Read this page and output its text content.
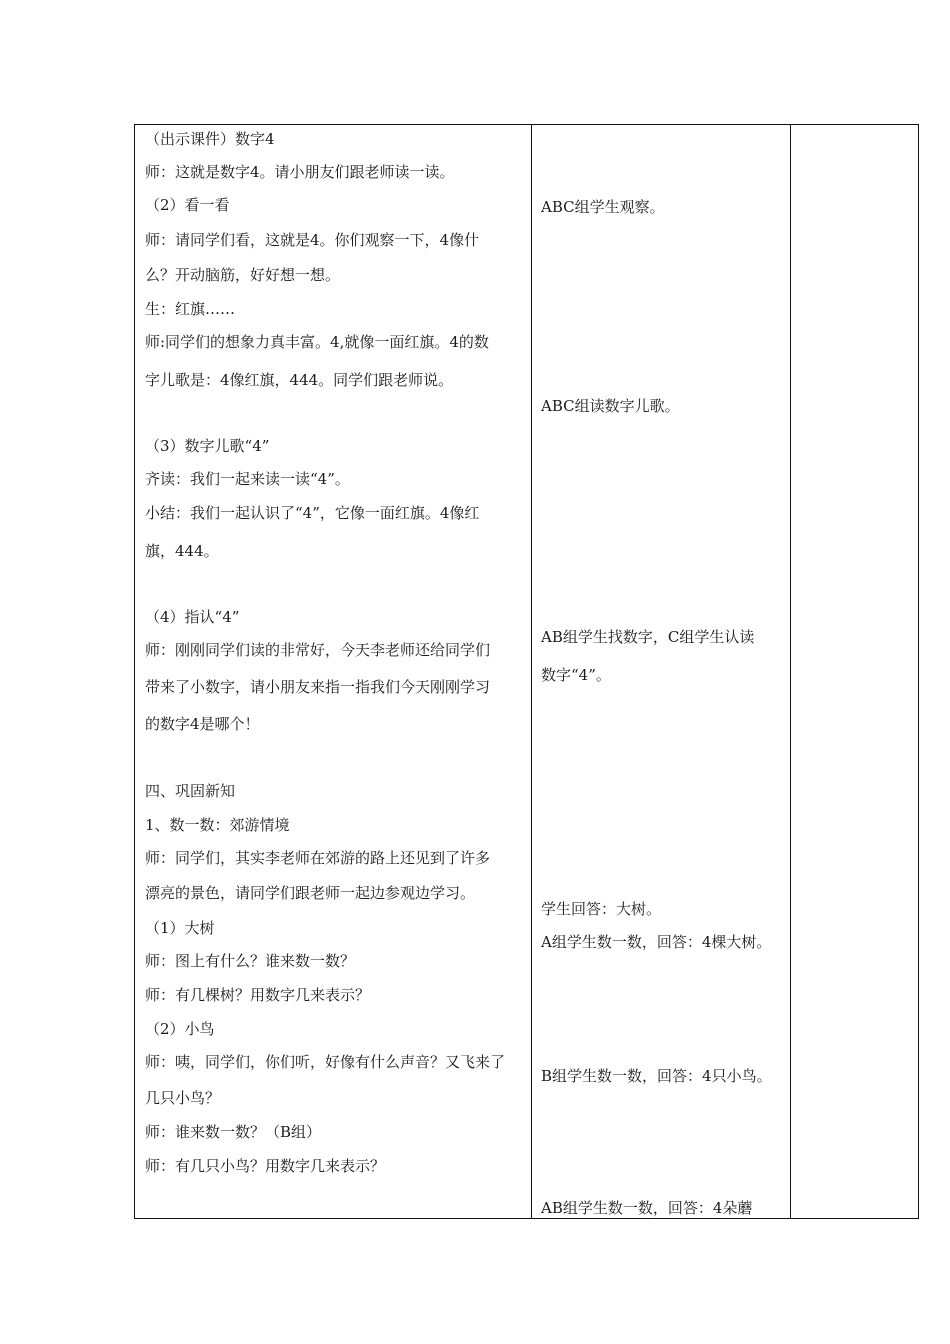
（出示课件）数字4
师：这就是数字4。请小朋友们跟老师读一读。
（2）看一看
师：请同学们看，这就是4。你们观察一下，4像什
么？开动脑筋，好好想一想。
生：红旗……
师:同学们的想象力真丰富。4,就像一面红旗。4的数
字儿歌是：4像红旗，444。同学们跟老师说。
（3）数字儿歌“4”
齐读：我们一起来读一读“4”。
小结：我们一起认识了“4”，它像一面红旗。4像红
旗，444。
（4）指认“4”
师：刚刚同学们读的非常好，今天李老师还给同学们
带来了小数字，请小朋友来指一指我们今天刚刚学习
的数字4是哪个！
四、巩固新知
1、数一数：郊游情境
师：同学们，其实李老师在郊游的路上还见到了许多
漂亮的景色，请同学们跟老师一起边参观边学习。
（1）大树
师：图上有什么？谁来数一数？
师：有几棵树？用数字几来表示？
（2）小鸟
师：咦，同学们，你们听，好像有什么声音？又飞来了
几只小鸟？
师：谁来数一数？（B组）
师：有几只小鸟？用数字几来表示？
ABC组学生观察。
ABC组读数字儿歌。
AB组学生找数字，C组学生认读
数字“4”。
学生回答：大树。
A组学生数一数，回答：4棵大树。
B组学生数一数，回答：4只小鸟。
AB组学生数一数，回答：4朵蘑
